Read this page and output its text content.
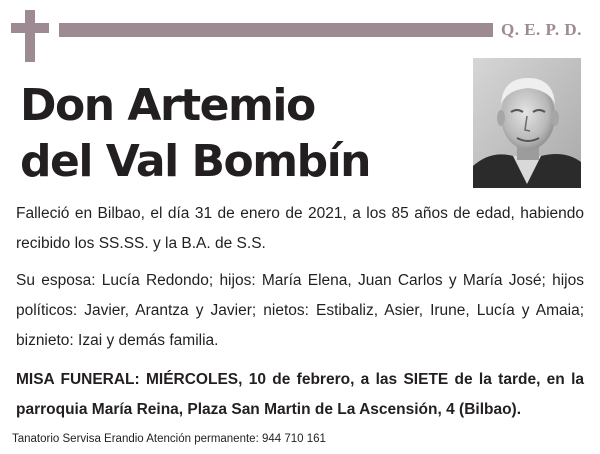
Q. E. P. D.
Don Artemio
del Val Bombín

Falleció en Bilbao, el día 31 de enero de 2021, a los 85 años de edad, habiendo recibido los SS.SS. y la B.A. de S.S.

Su esposa: Lucía Redondo; hijos: María Elena, Juan Carlos y María José; hijos políticos: Javier, Arantza y Javier; nietos: Estibaliz, Asier, Irune, Lucía y Amaia; biznieto: Izai y demás familia.

MISA FUNERAL: MIÉRCOLES, 10 de febrero, a las SIETE de la tarde, en la parroquia María Reina, Plaza San Martin de La Ascensión, 4 (Bilbao).

Tanatorio Servisa Erandio Atención permanente: 944 710 161
